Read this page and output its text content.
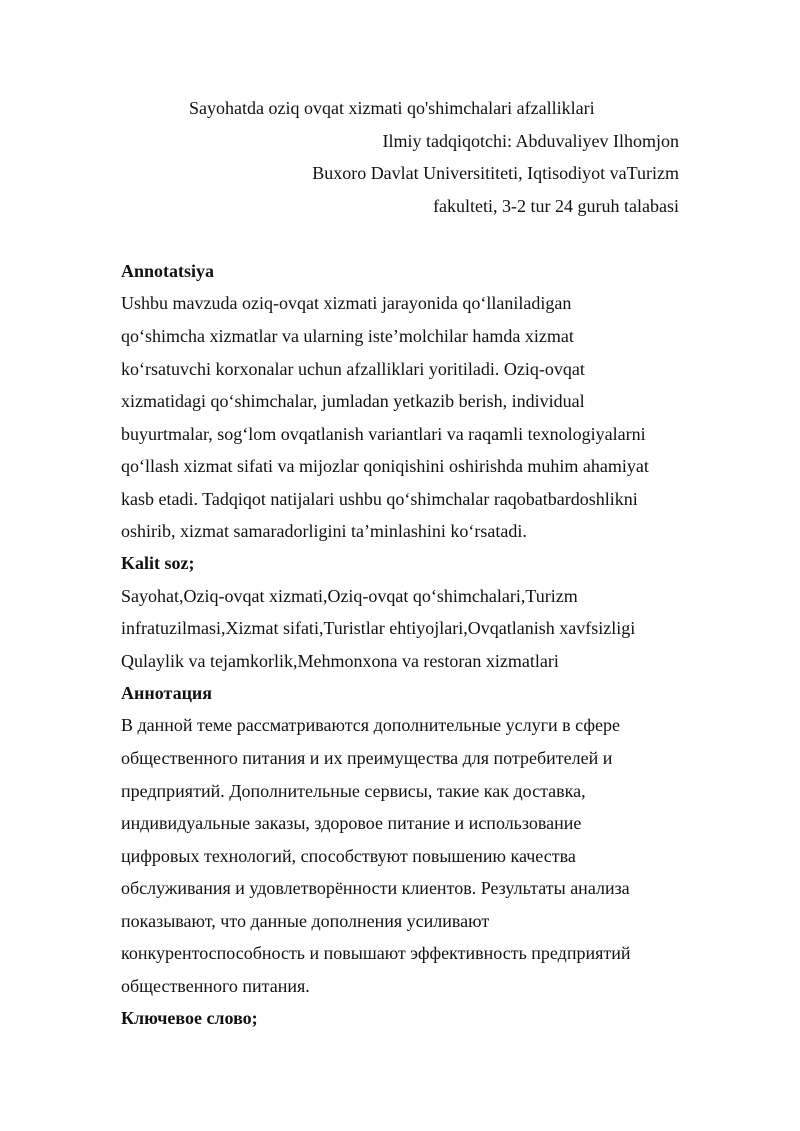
Sayohatda oziq ovqat xizmati qo'shimchalari afzalliklari
Ilmiy tadqiqotchi: Abduvaliyev Ilhomjon
Buxoro Davlat Universititeti, Iqtisodiyot vaTurizm
fakulteti, 3-2 tur 24 guruh talabasi
Annotatsiya
Ushbu mavzuda oziq-ovqat xizmati jarayonida qo‘llaniladigan
qo‘shimcha xizmatlar va ularning iste’molchilar hamda xizmat
ko‘rsatuvchi korxonalar uchun afzalliklari yoritiladi. Oziq-ovqat
xizmatidagi qo‘shimchalar, jumladan yetkazib berish, individual
buyurtmalar, sog‘lom ovqatlanish variantlari va raqamli texnologiyalarni
qo‘llash xizmat sifati va mijozlar qoniqishini oshirishda muhim ahamiyat
kasb etadi. Tadqiqot natijalari ushbu qo‘shimchalar raqobatbardoshlikni
oshirib, xizmat samaradorligini ta’minlashini ko‘rsatadi.
Kalit soz;
Sayohat,Oziq-ovqat xizmati,Oziq-ovqat qo‘shimchalari,Turizm
infratuzilmasi,Xizmat sifati,Turistlar ehtiyojlari,Ovqatlanish xavfsizligi
Qulaylik va tejamkorlik,Mehmonxona va restoran xizmatlari
Аннотация
В данной теме рассматриваются дополнительные услуги в сфере
общественного питания и их преимущества для потребителей и
предприятий. Дополнительные сервисы, такие как доставка,
индивидуальные заказы, здоровое питание и использование
цифровых технологий, способствуют повышению качества
обслуживания и удовлетворённости клиентов. Результаты анализа
показывают, что данные дополнения усиливают
конкурентоспособность и повышают эффективность предприятий
общественного питания.
Ключевое слово;
